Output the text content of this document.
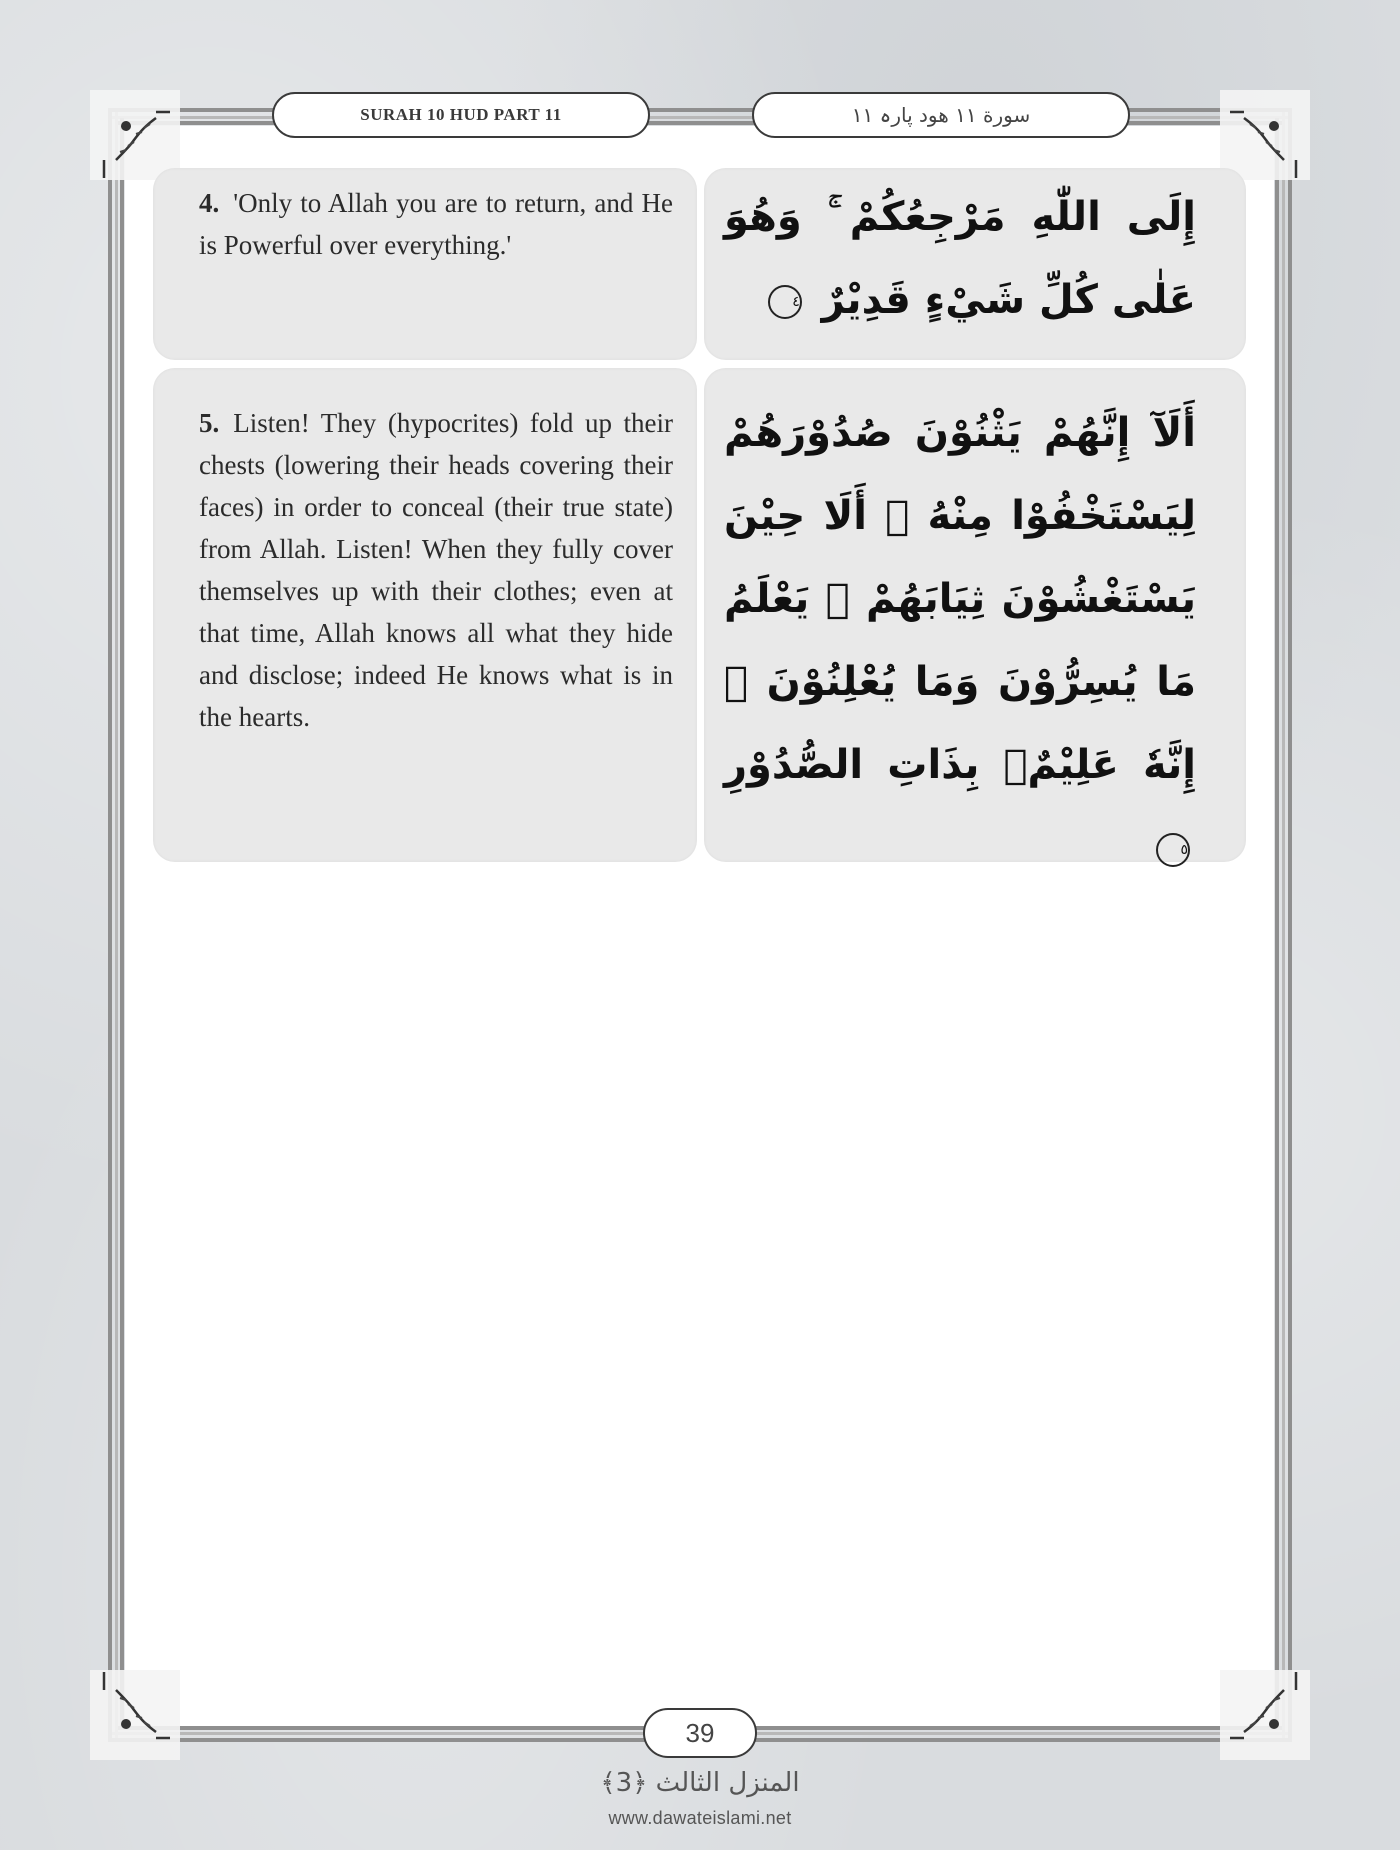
SURAH 10 HUD PART 11	سورة ۱۱ هود پارہ ۱۱
4. 'Only to Allah you are to return, and He is Powerful over everything.'
إِلَى اللّٰهِ مَرْجِعُكُمْ ۚ وَهُوَ عَلٰى كُلِّ شَيْءٍ قَدِيْرٌ ٤
5. Listen! They (hypocrites) fold up their chests (lowering their heads covering their faces) in order to conceal (their true state) from Allah. Listen! When they fully cover themselves up with their clothes; even at that time, Allah knows all what they hide and disclose; indeed He knows what is in the hearts.
أَلَآ إِنَّهُمْ يَثْنُوْنَ صُدُوْرَهُمْ لِيَسْتَخْفُوْا مِنْهُ ۭ أَلَا حِيْنَ يَسْتَغْشُوْنَ ثِيَابَهُمْ ۙ يَعْلَمُ مَا يُسِرُّوْنَ وَمَا يُعْلِنُوْنَ ۚ إِنَّهٗ عَلِيْمٌۢ بِذَاتِ الصُّدُوْرِ ٥
39
المنزل الثالث ﴿3﴾
www.dawateislami.net
